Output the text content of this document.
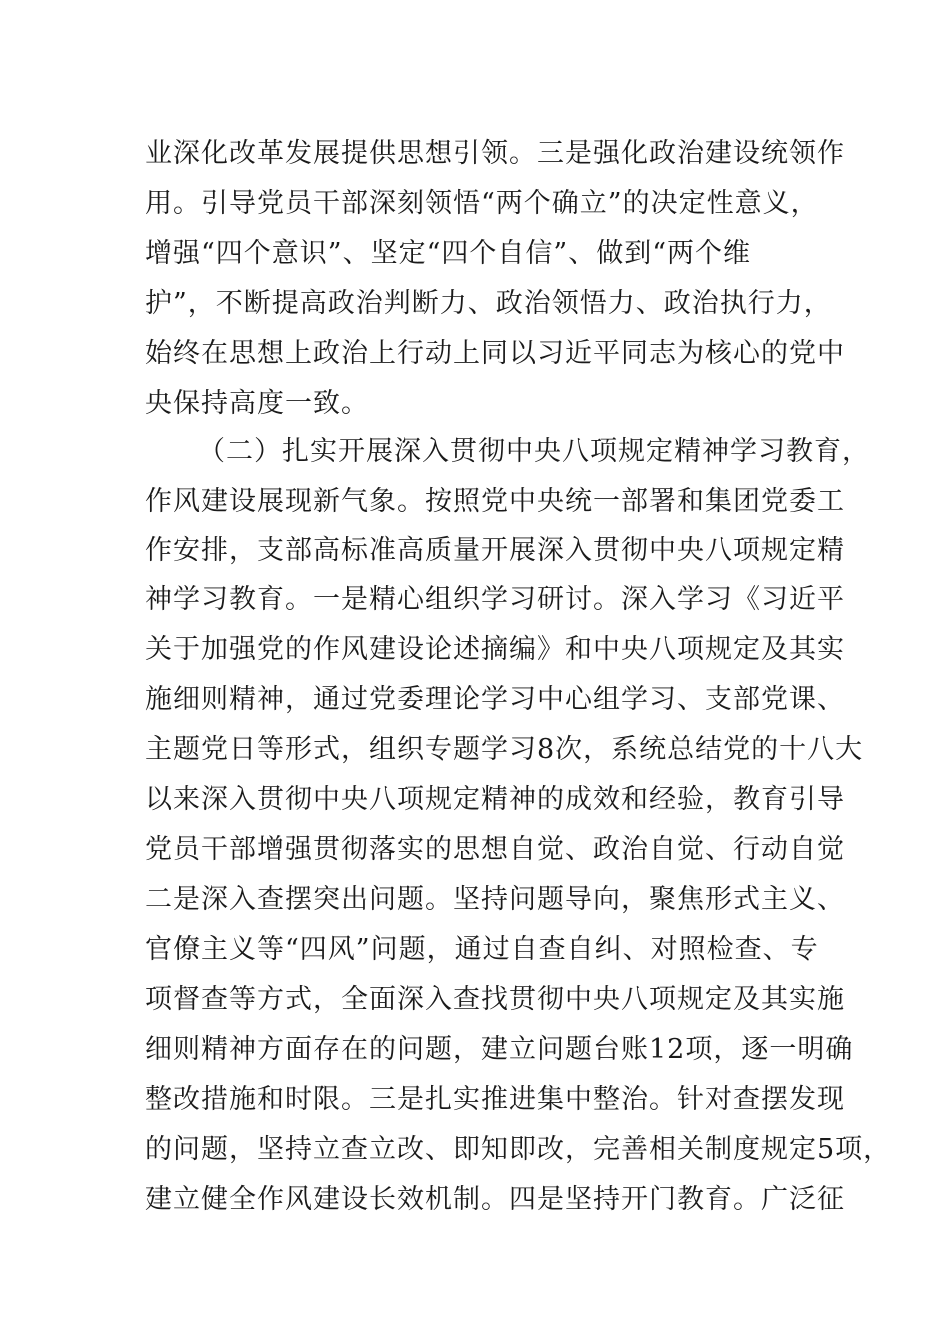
业深化改革发展提供思想引领。三是强化政治建设统领作
用。引导党员干部深刻领悟“两个确立”的决定性意义，
增强“四个意识”、坚定“四个自信”、做到“两个维
护”，不断提高政治判断力、政治领悟力、政治执行力，
始终在思想上政治上行动上同以习近平同志为核心的党中
央保持高度一致。
（二）扎实开展深入贯彻中央八项规定精神学习教育，
作风建设展现新气象。按照党中央统一部署和集团党委工
作安排，支部高标准高质量开展深入贯彻中央八项规定精
神学习教育。一是精心组织学习研讨。深入学习《习近平
关于加强党的作风建设论述摘编》和中央八项规定及其实
施细则精神，通过党委理论学习中心组学习、支部党课、
主题党日等形式，组织专题学习8次，系统总结党的十八大
以来深入贯彻中央八项规定精神的成效和经验，教育引导
党员干部增强贯彻落实的思想自觉、政治自觉、行动自觉
二是深入查摆突出问题。坚持问题导向，聚焦形式主义、
官僚主义等“四风”问题，通过自查自纠、对照检查、专
项督查等方式，全面深入查找贯彻中央八项规定及其实施
细则精神方面存在的问题，建立问题台账12项，逐一明确
整改措施和时限。三是扎实推进集中整治。针对查摆发现
的问题，坚持立查立改、即知即改，完善相关制度规定5项，
建立健全作风建设长效机制。四是坚持开门教育。广泛征
